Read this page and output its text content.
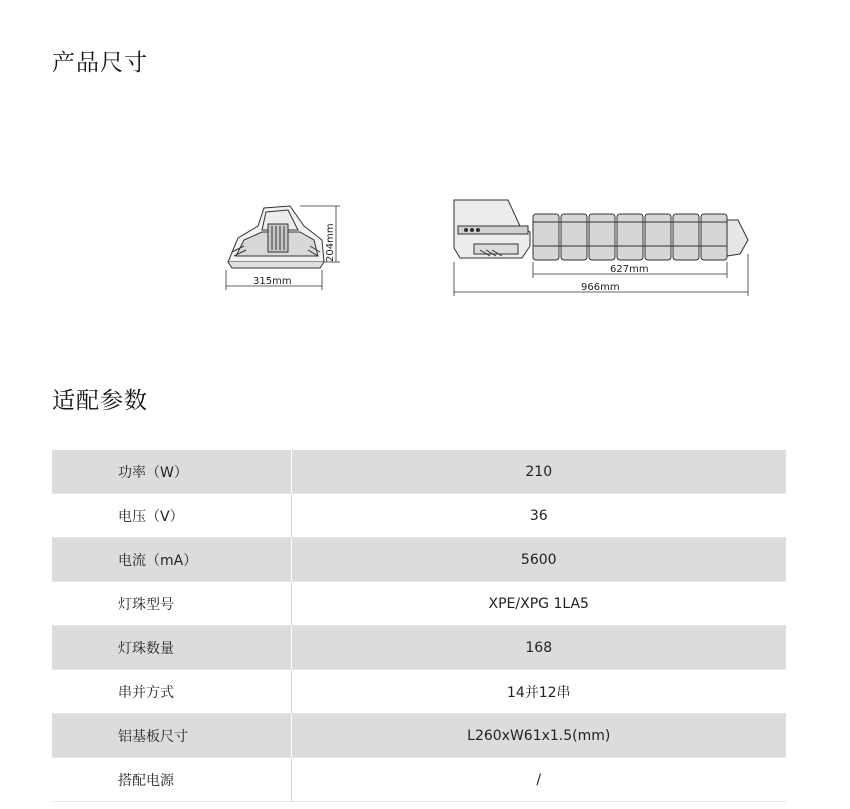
产品尺寸
315mm
204mm
627mm
966mm
适配参数
功率（W）	210
电压（V）	36
电流（mA）	5600
灯珠型号	XPE/XPG 1LA5
灯珠数量	168
串并方式	14并12串
铝基板尺寸	L260xW61x1.5(mm)
搭配电源	/
